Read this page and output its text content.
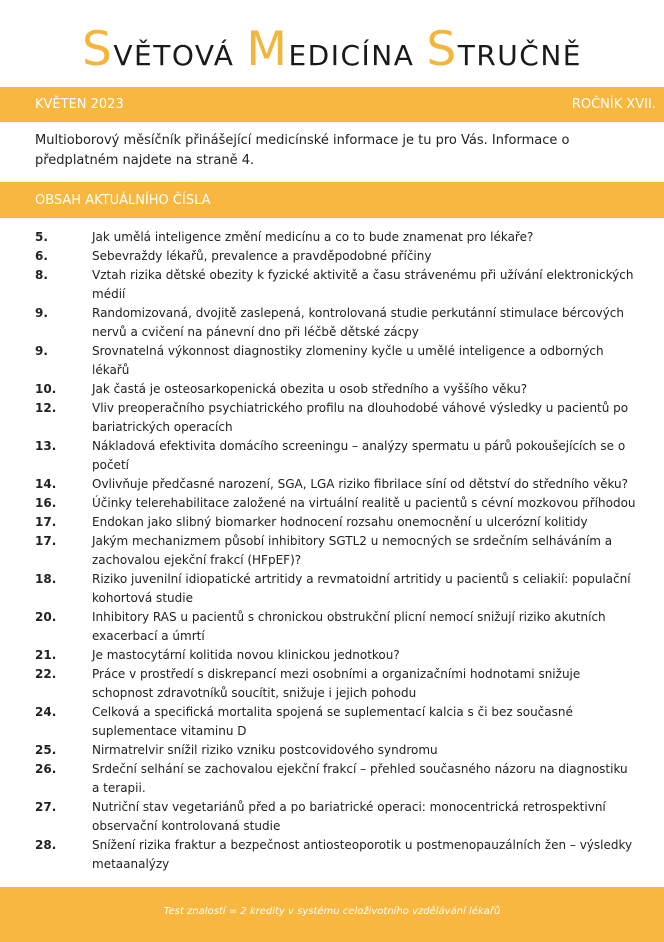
SVĚTOVÁ MEDICÍNA STRUČNĚ
KVĚTEN 2023	ROČNÍK XVII.
Multioborový měsíčník přinášející medicínské informace je tu pro Vás. Informace o předplatném najdete na straně 4.
OBSAH AKTUÁLNÍHO ČÍSLA
5.	Jak umělá inteligence změní medicínu a co to bude znamenat pro lékaře?
6.	Sebevraždy lékařů, prevalence a pravděpodobné příčiny
8.	Vztah rizika dětské obezity k fyzické aktivitě a času strávenému při užívání elektronických médií
9.	Randomizovaná, dvojitě zaslepená, kontrolovaná studie perkutánní stimulace bércových nervů a cvičení na pánevní dno při léčbě dětské zácpy
9.	Srovnatelná výkonnost diagnostiky zlomeniny kyčle u umělé inteligence a odborných lékařů
10.	Jak častá je osteosarkopenická obezita u osob středního a vyššího věku?
12.	Vliv preoperačního psychiatrického profilu na dlouhodobé váhové výsledky u pacientů po bariatrických operacích
13.	Nákladová efektivita domácího screeningu – analýzy spermatu u párů pokoušejících se o početí
14.	Ovlivňuje předčasné narození, SGA, LGA riziko fibrilace síní od dětství do středního věku?
16.	Účinky telerehabilitace založené na virtuální realitě u pacientů s cévní mozkovou příhodou
17.	Endokan jako slibný biomarker hodnocení rozsahu onemocnění u ulcerózní kolitidy
17.	Jakým mechanizmem působí inhibitory SGTL2 u nemocných se srdečním selháváním a zachovalou ejekční frakcí (HFpEF)?
18.	Riziko juvenilní idiopatické artritidy a revmatoidní artritidy u pacientů s celiakií: populační kohortová studie
20.	Inhibitory RAS u pacientů s chronickou obstrukční plicní nemocí snižují riziko akutních exacerbací a úmrtí
21.	Je mastocytární kolitida novou klinickou jednotkou?
22.	Práce v prostředí s diskrepancí mezi osobními a organizačními hodnotami snižuje schopnost zdravotníků soucítit, snižuje i jejich pohodu
24.	Celková a specifická mortalita spojená se suplementací kalcia s či bez současné suplementace vitaminu D
25.	Nirmatrelvir snížil riziko vzniku postcovidového syndromu
26.	Srdeční selhání se zachovalou ejekční frakcí – přehled současného názoru na diagnostiku a terapii.
27.	Nutriční stav vegetariánů před a po bariatrické operaci: monocentrická retrospektivní observační kontrolovaná studie
28.	Snížení rizika fraktur a bezpečnost antiosteoporotik u postmenopauzálních žen – výsledky metaanalýzy
Test znalostí = 2 kredity v systému celoživotního vzdělávání lékařů
